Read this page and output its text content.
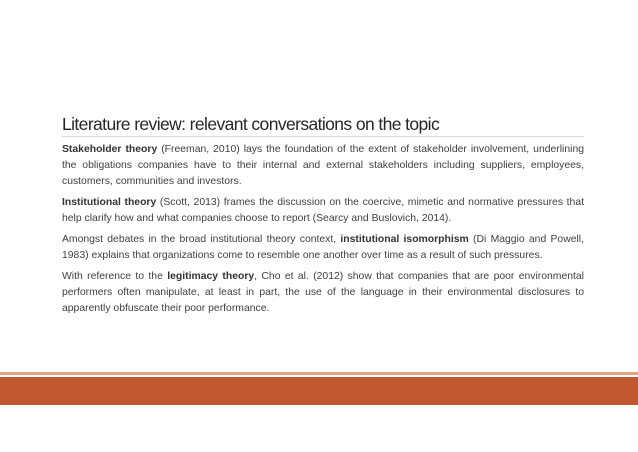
Literature review: relevant conversations on the topic

Stakeholder theory (Freeman, 2010) lays the foundation of the extent of stakeholder involvement, underlining the obligations companies have to their internal and external stakeholders including suppliers, employees, customers, communities and investors.

Institutional theory (Scott, 2013) frames the discussion on the coercive, mimetic and normative pressures that help clarify how and what companies choose to report (Searcy and Buslovich, 2014).

Amongst debates in the broad institutional theory context, institutional isomorphism (Di Maggio and Powell, 1983) explains that organizations come to resemble one another over time as a result of such pressures.

With reference to the legitimacy theory, Cho et al. (2012) show that companies that are poor environmental performers often manipulate, at least in part, the use of the language in their environmental disclosures to apparently obfuscate their poor performance.
